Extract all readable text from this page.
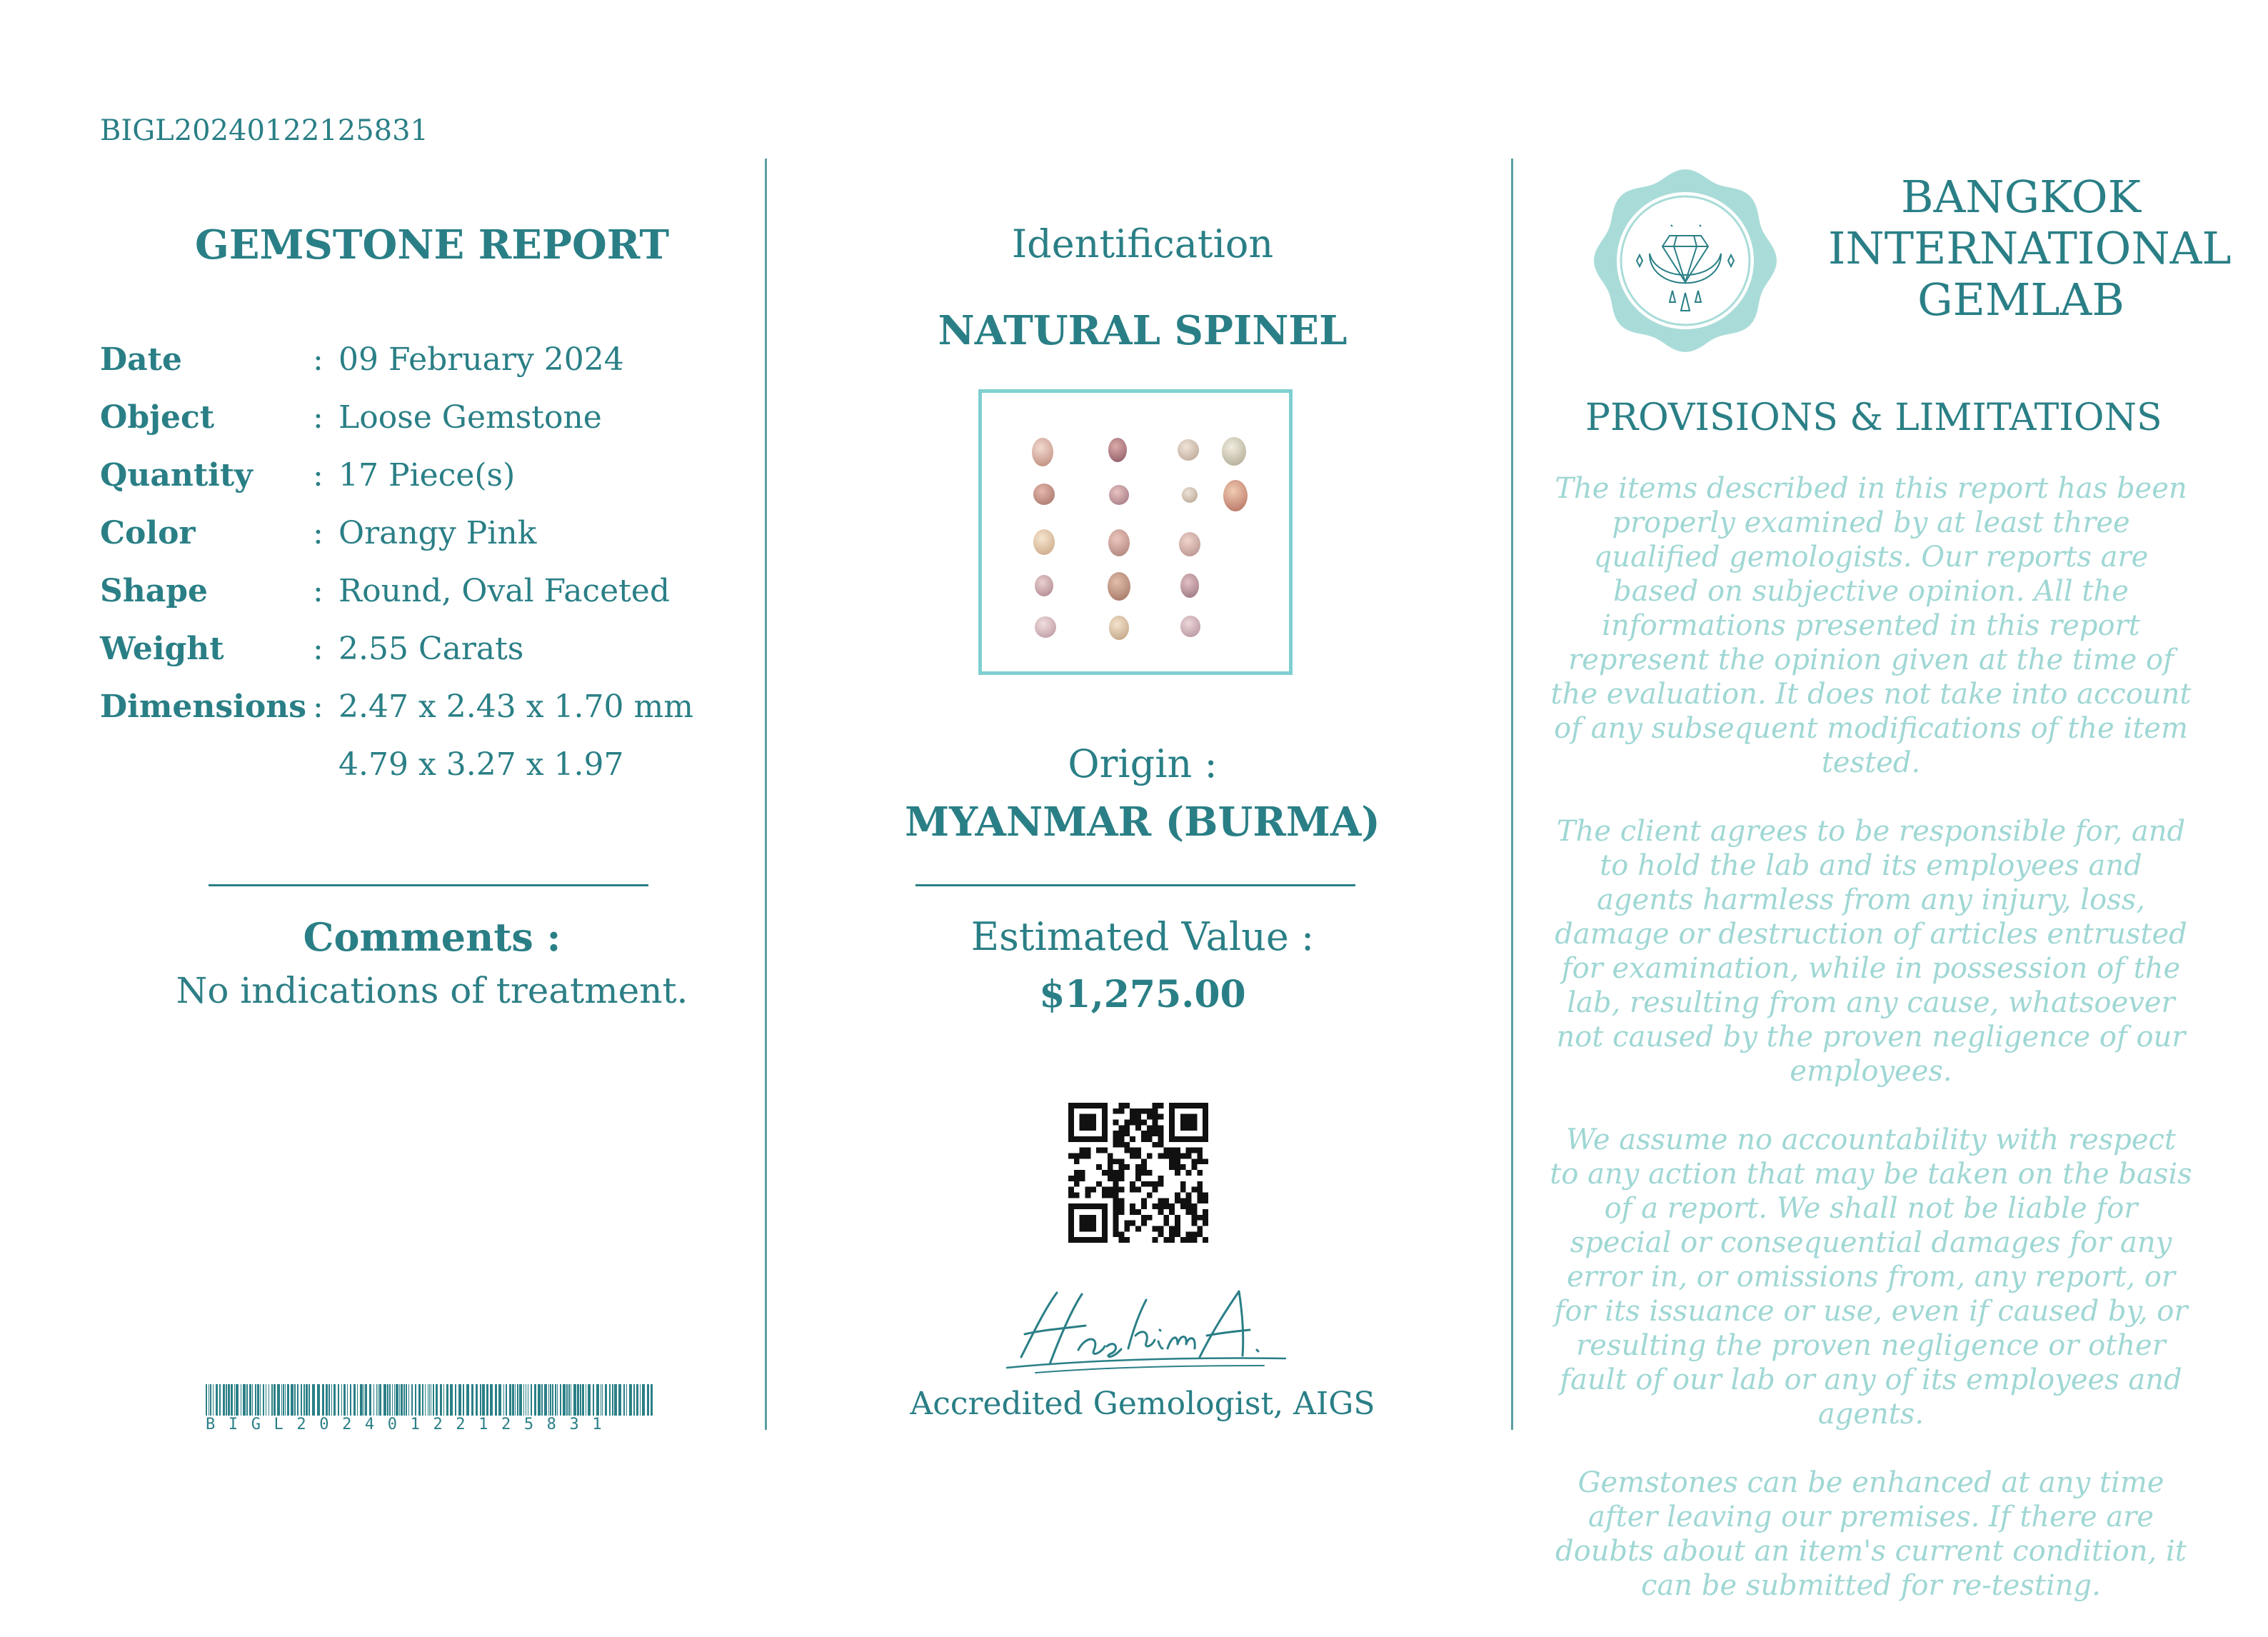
BIGL20240122125831
GEMSTONE REPORT
Date	: 09 February 2024
Object	: Loose Gemstone
Quantity : 17 Piece(s)
Color	: Orangy Pink
Shape	: Round, Oval Faceted
Weight	: 2.55 Carats
Dimensions : 2.47 x 2.43 x 1.70 mm
4.79 x 3.27 x 1.97
Comments :
No indications of treatment.
BIGL20240122125831
Identification
NATURAL SPINEL
Origin :
MYANMAR (BURMA)
Estimated Value :
$1,275.00
Accredited Gemologist, AIGS
BANGKOK
INTERNATIONAL
GEMLAB
PROVISIONS & LIMITATIONS

The items described in this report has been properly examined by at least three qualified gemologists. Our reports are based on subjective opinion. All the informations presented in this report represent the opinion given at the time of the evaluation. It does not take into account of any subsequent modifications of the item tested.

The client agrees to be responsible for, and to hold the lab and its employees and agents harmless from any injury, loss, damage or destruction of articles entrusted for examination, while in possession of the lab, resulting from any cause, whatsoever not caused by the proven negligence of our employees.

We assume no accountability with respect to any action that may be taken on the basis of a report. We shall not be liable for special or consequential damages for any error in, or omissions from, any report, or for its issuance or use, even if caused by, or resulting the proven negligence or other fault of our lab or any of its employees and agents.

Gemstones can be enhanced at any time after leaving our premises. If there are doubts about an item's current condition, it can be submitted for re-testing.
